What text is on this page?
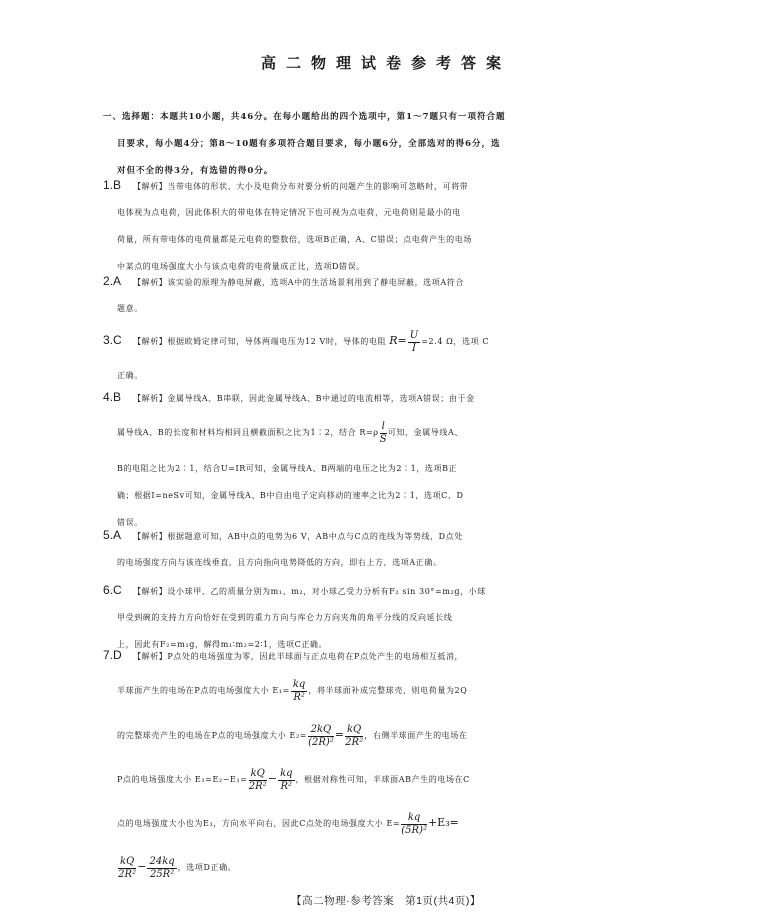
高二物理试卷参考答案
一、选择题：本题共10小题，共46分。在每小题给出的四个选项中，第1～7题只有一项符合题
目要求，每小题4分；第8～10题有多项符合题目要求，每小题6分，全部选对的得6分，选
对但不全的得3分，有选错的得0分。
1.B 【解析】当带电体的形状、大小及电荷分布对要分析的问题产生的影响可忽略时，可将带
电体视为点电荷，因此体积大的带电体在特定情况下也可视为点电荷，元电荷则是最小的电
荷量，所有带电体的电荷量都是元电荷的整数倍，选项B正确，A、C错误；点电荷产生的电场
中某点的电场强度大小与该点电荷的电荷量成正比，选项D错误。
2.A 【解析】该实验的原理为静电屏蔽，选项A中的生活场景利用到了静电屏蔽，选项A符合
题意。
3.C 【解析】根据欧姆定律可知，导体两端电压为12 V时，导体的电阻 $R= \frac{U}{I} =2.4$ Ω，选项 C
正确。
4.B 【解析】金属导线A、B串联，因此金属导线A、B中通过的电流相等，选项A错误；由于金
属导线A、B的长度和材料均相同且横截面积之比为1∶2，结合 $R=\rho \frac{l}{S}$ 可知，金属导线A、
B的电阻之比为2∶1，结合U=IR可知，金属导线A、B两端的电压之比为2∶1，选项B正
确；根据I=neSv可知，金属导线A、B中自由电子定向移动的速率之比为2∶1，选项C、D
错误。
5.A 【解析】根据题意可知，AB中点的电势为6 V，AB中点与C点的连线为等势线，D点处
的电场强度方向与该连线垂直，且方向指向电势降低的方向，即右上方，选项A正确。
6.C 【解析】设小球甲、乙的质量分别为m₁、m₂，对小球乙受力分析有F₂ sin 30°=m₂g，小球
甲受到碗的支持力方向恰好在受到的重力方向与库仑力方向夹角的角平分线的反向延长线
上，因此有F₂=m₁g，解得m₁∶m₂=2∶1，选项C正确。
7.D 【解析】P点处的电场强度为零，因此半球面与正点电荷在P点处产生的电场相互抵消，
半球面产生的电场在P点的电场强度大小 $E_1= \frac{kq}{\text{R²}}$ ，将半球面补成完整球壳，则电荷量为2Q
的完整球壳产生的电场在P点的电场强度大小 $E_2= \frac{2kQ}{\text{(2R)²}} = \frac{kQ}{\text{2R²}}$ ，右侧半球面产生的电场在
P点的电场强度大小 $E_3=E_2-E_1= \frac{kQ}{\text{2R²}} - \frac{kq}{\text{R²}}$ ，根据对称性可知，半球面AB产生的电场在C
点的电场强度大小也为E₃，方向水平向右，因此C点处的电场强度大小 $E= \frac{kq}{\text{(5R)²}} +E_3=$
$\frac{kQ}{\text{2R²}} - \frac{24kq}{\text{25R²}}$ ，选项D正确。
【高二物理·参考答案　第1页(共4页)】
